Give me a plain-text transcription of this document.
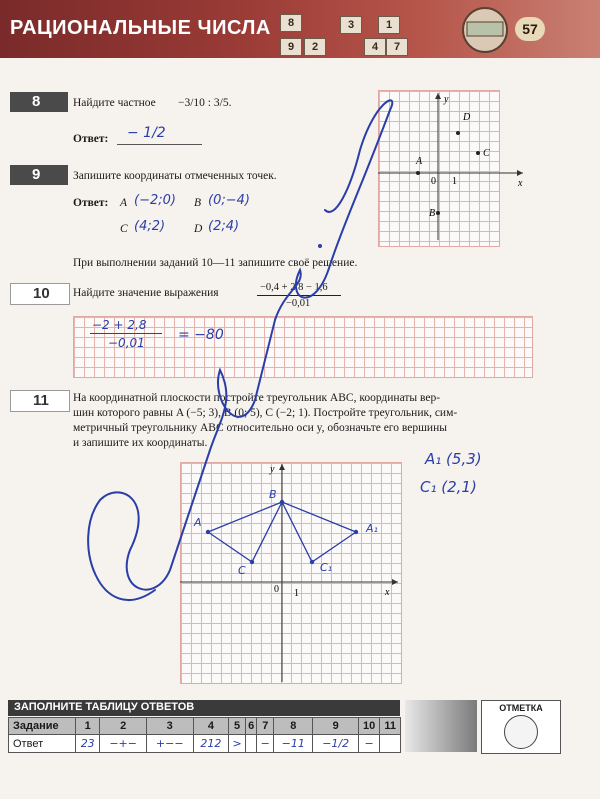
РАЦИОНАЛЬНЫЕ ЧИСЛА	8	3	1
9	2	4	7
57
8	Найдите частное −3/10 : 3/5.
Ответ: − 1/2
9	Запишите координаты отмеченных точек.
Ответ: A (−2;0) B (0;−4)
C (4;2)	D (2;4)
x
y
0 1
A
B
C
D
При выполнении заданий 10—11 запишите своё решение.
10	Найдите значение выражения	−0,4 + 2,8 − 1,6
−0,01
−2 + 2,8
−0,01 = −80
11	На координатной плоскости постройте треугольник ABC, координаты вер-
шин которого равны A (−5; 3), B (0; 5), C (−2; 1). Постройте треугольник, сим-
метричный треугольнику ABC относительно оси y, обозначьте его вершины
и запишите их координаты.
x
y
0 1
A
B
C
A₁
C₁
A₁ (5,3)
C₁ (2,1)
ЗАПОЛНИТЕ ТАБЛИЦУ ОТВЕТОВ
Задание	1	2	3	4	5	6	7	8	9	10	11
Ответ	23	−+−	+−−	212	>		−	−11	−1/2	−	
ОТМЕТКА
